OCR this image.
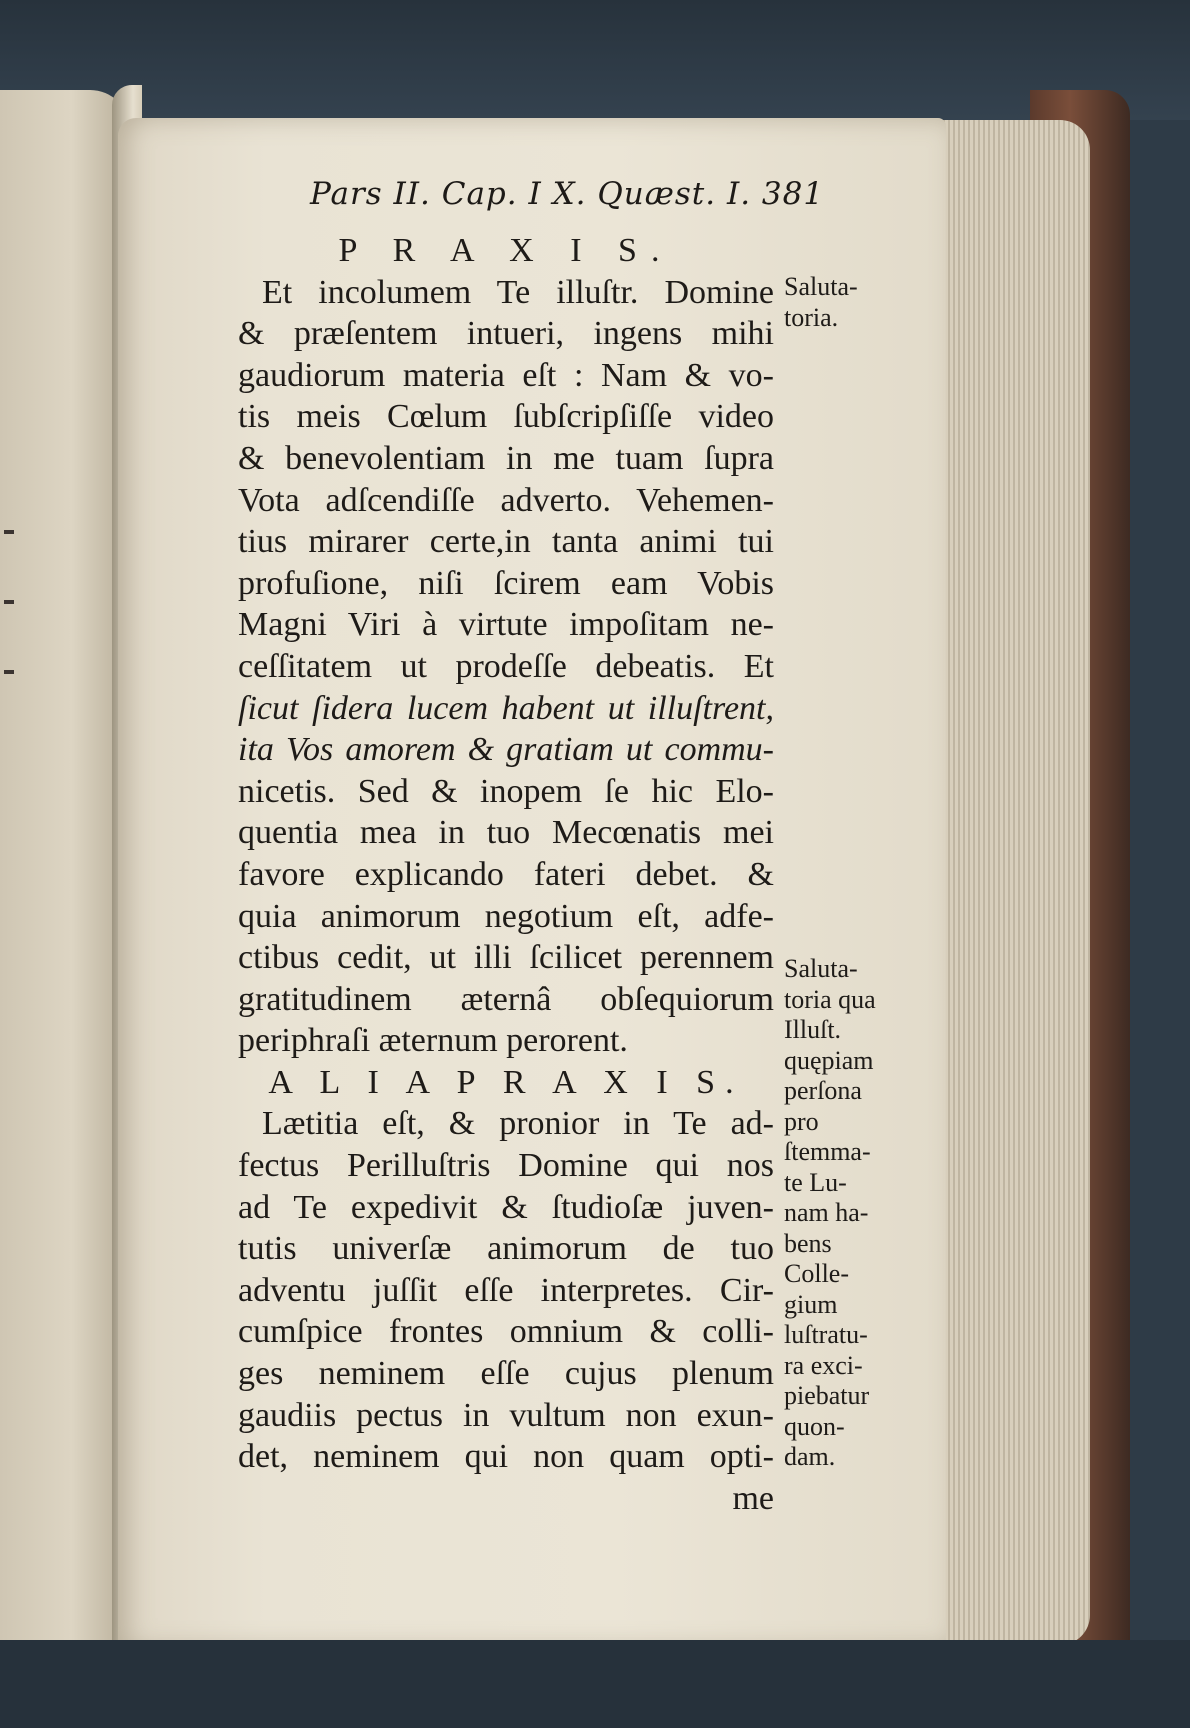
Pars II. Cap. I X. Quæst. I. 381
P R A X I S.
Et incolumem Te illuſtr. Domine
& præſentem intueri, ingens mihi
gaudiorum materia eſt : Nam & vo-
tis meis Cœlum ſubſcripſiſſe video
& benevolentiam in me tuam ſupra
Vota adſcendiſſe adverto. Vehemen-
tius mirarer certe,in tanta animi tui
profuſione, niſi ſcirem eam Vobis
Magni Viri à virtute impoſitam ne-
ceſſitatem ut prodeſſe debeatis. Et
ſicut ſidera lucem habent ut illuſtrent,
ita Vos amorem & gratiam ut commu-
nicetis. Sed & inopem ſe hic Elo-
quentia mea in tuo Mecœnatis mei
favore explicando fateri debet. &
quia animorum negotium eſt, adfe-
ctibus cedit, ut illi ſcilicet perennem
gratitudinem æternâ obſequiorum
periphraſi æternum perorent.
A L I A P R A X I S.
Lætitia eſt, & pronior in Te ad-
fectus Perilluſtris Domine qui nos
ad Te expedivit & ſtudioſæ juven-
tutis univerſæ animorum de tuo
adventu juſſit eſſe interpretes. Cir-
cumſpice frontes omnium & colli-
ges neminem eſſe cujus plenum
gaudiis pectus in vultum non exun-
det, neminem qui non quam opti-
me
Saluta-
toria.
Saluta-
toria qua
Illuſt.
quępiam
perſona
pro
ſtemma-
te Lu-
nam ha-
bens
Colle-
gium
luſtratu-
ra exci-
piebatur
quon-
dam.
